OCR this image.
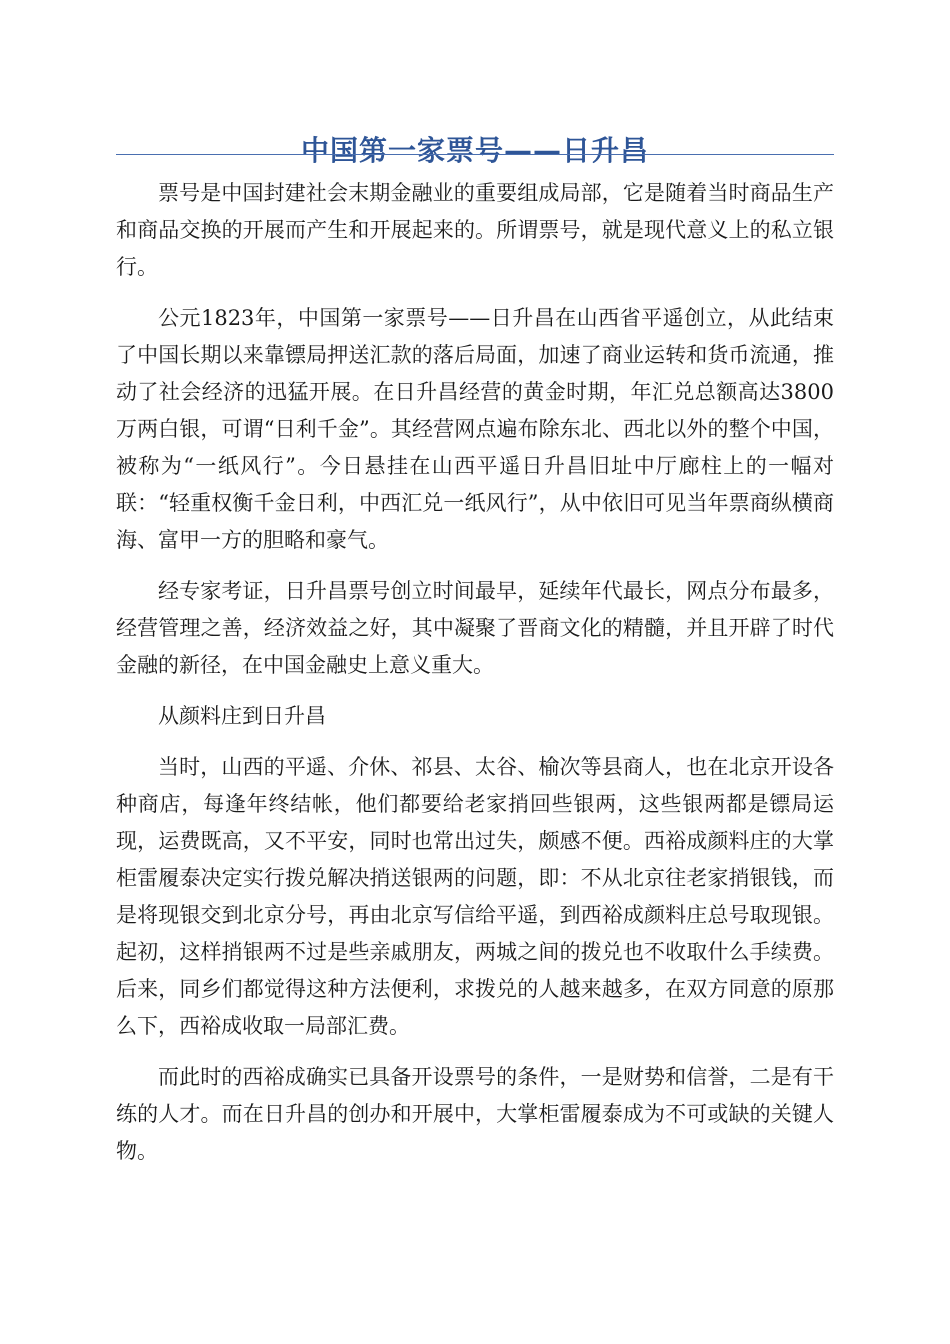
中国第一家票号——日升昌

票号是中国封建社会末期金融业的重要组成局部，它是随着当时商品生产和商品交换的开展而产生和开展起来的。所谓票号，就是现代意义上的私立银行。

公元1823年，中国第一家票号——日升昌在山西省平遥创立，从此结束了中国长期以来靠镖局押送汇款的落后局面，加速了商业运转和货币流通，推动了社会经济的迅猛开展。在日升昌经营的黄金时期，年汇兑总额高达3800万两白银，可谓“日利千金”。其经营网点遍布除东北、西北以外的整个中国，被称为“一纸风行”。今日悬挂在山西平遥日升昌旧址中厅廊柱上的一幅对联：“轻重权衡千金日利，中西汇兑一纸风行”，从中依旧可见当年票商纵横商海、富甲一方的胆略和豪气。

经专家考证，日升昌票号创立时间最早，延续年代最长，网点分布最多，经营管理之善，经济效益之好，其中凝聚了晋商文化的精髓，并且开辟了时代金融的新径，在中国金融史上意义重大。

从颜料庄到日升昌

当时，山西的平遥、介休、祁县、太谷、榆次等县商人，也在北京开设各种商店，每逢年终结帐，他们都要给老家捎回些银两，这些银两都是镖局运现，运费既高，又不平安，同时也常出过失，颇感不便。西裕成颜料庄的大掌柜雷履泰决定实行拨兑解决捎送银两的问题，即：不从北京往老家捎银钱，而是将现银交到北京分号，再由北京写信给平遥，到西裕成颜料庄总号取现银。起初，这样捎银两不过是些亲戚朋友，两城之间的拨兑也不收取什么手续费。后来，同乡们都觉得这种方法便利，求拨兑的人越来越多，在双方同意的原那么下，西裕成收取一局部汇费。

而此时的西裕成确实已具备开设票号的条件，一是财势和信誉，二是有干练的人才。而在日升昌的创办和开展中，大掌柜雷履泰成为不可或缺的关键人物。
